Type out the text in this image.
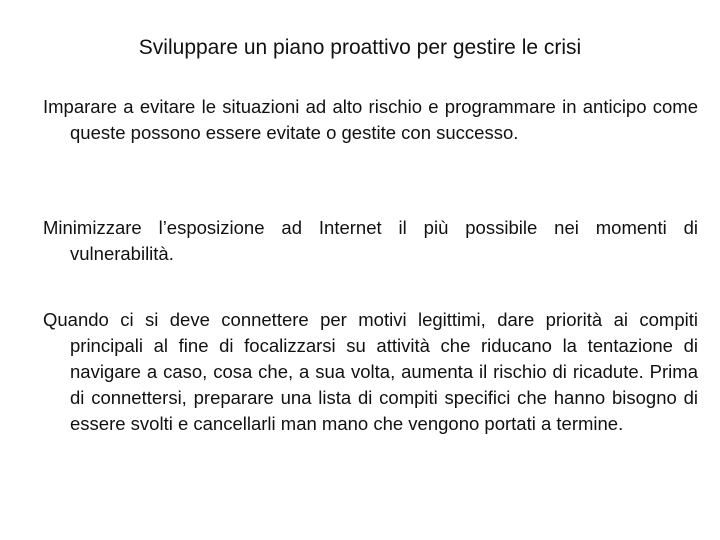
Sviluppare un piano proattivo per gestire le crisi

Imparare a evitare le situazioni ad alto rischio e programmare in anticipo come queste possono essere evitate o gestite con successo.

Minimizzare l’esposizione ad Internet il più possibile nei momenti di vulnerabilità.

Quando ci si deve connettere per motivi legittimi, dare priorità ai compiti principali al fine di focalizzarsi su attività che riducano la tentazione di navigare a caso, cosa che, a sua volta, aumenta il rischio di ricadute. Prima di connettersi, preparare una lista di compiti specifici che hanno bisogno di essere svolti e cancellarli man mano che vengono portati a termine.
